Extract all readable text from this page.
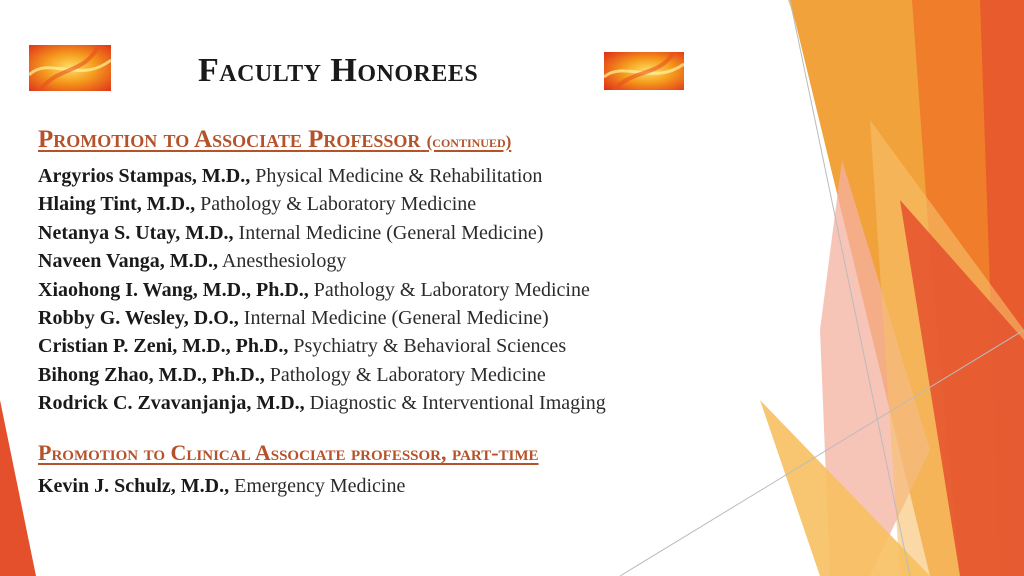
Faculty Honorees
Promotion to Associate Professor (continued)
Argyrios Stampas, M.D., Physical Medicine & Rehabilitation
Hlaing Tint, M.D., Pathology & Laboratory Medicine
Netanya S. Utay, M.D., Internal Medicine (General Medicine)
Naveen Vanga, M.D., Anesthesiology
Xiaohong I. Wang, M.D., Ph.D., Pathology & Laboratory Medicine
Robby G. Wesley, D.O., Internal Medicine (General Medicine)
Cristian P. Zeni, M.D., Ph.D., Psychiatry & Behavioral Sciences
Bihong Zhao, M.D., Ph.D., Pathology & Laboratory Medicine
Rodrick C. Zvavanjanja, M.D., Diagnostic & Interventional Imaging
Promotion to Clinical Associate professor, part-time
Kevin J. Schulz, M.D., Emergency Medicine
